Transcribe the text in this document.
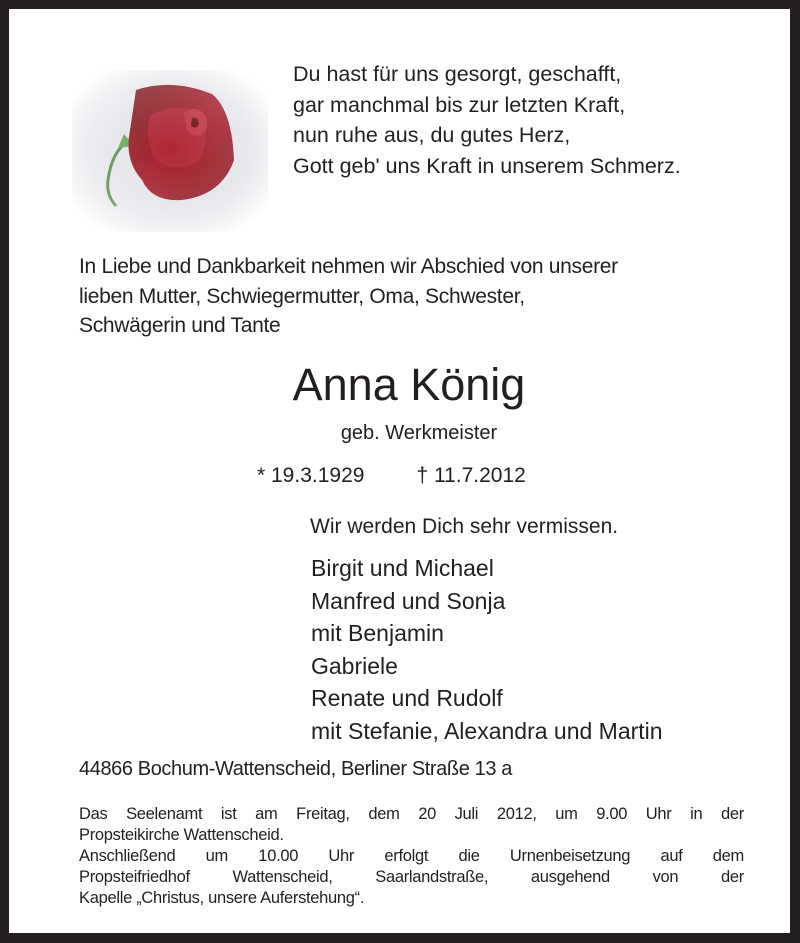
Du hast für uns gesorgt, geschafft,
gar manchmal bis zur letzten Kraft,
nun ruhe aus, du gutes Herz,
Gott geb' uns Kraft in unserem Schmerz.
In Liebe und Dankbarkeit nehmen wir Abschied von unserer
lieben Mutter, Schwiegermutter, Oma, Schwester,
Schwägerin und Tante
Anna König
geb. Werkmeister
* 19.3.1929 † 11.7.2012
Wir werden Dich sehr vermissen.
Birgit und Michael
Manfred und Sonja
mit Benjamin
Gabriele
Renate und Rudolf
mit Stefanie, Alexandra und Martin
44866 Bochum-Wattenscheid, Berliner Straße 13 a

Das Seelenamt ist am Freitag, dem 20 Juli 2012, um 9.00 Uhr in der

Propsteikirche Wattenscheid.

Anschließend um 10.00 Uhr erfolgt die Urnenbeisetzung auf dem

Propsteifriedhof Wattenscheid, Saarlandstraße, ausgehend von der

Kapelle „Christus, unsere Auferstehung“.
